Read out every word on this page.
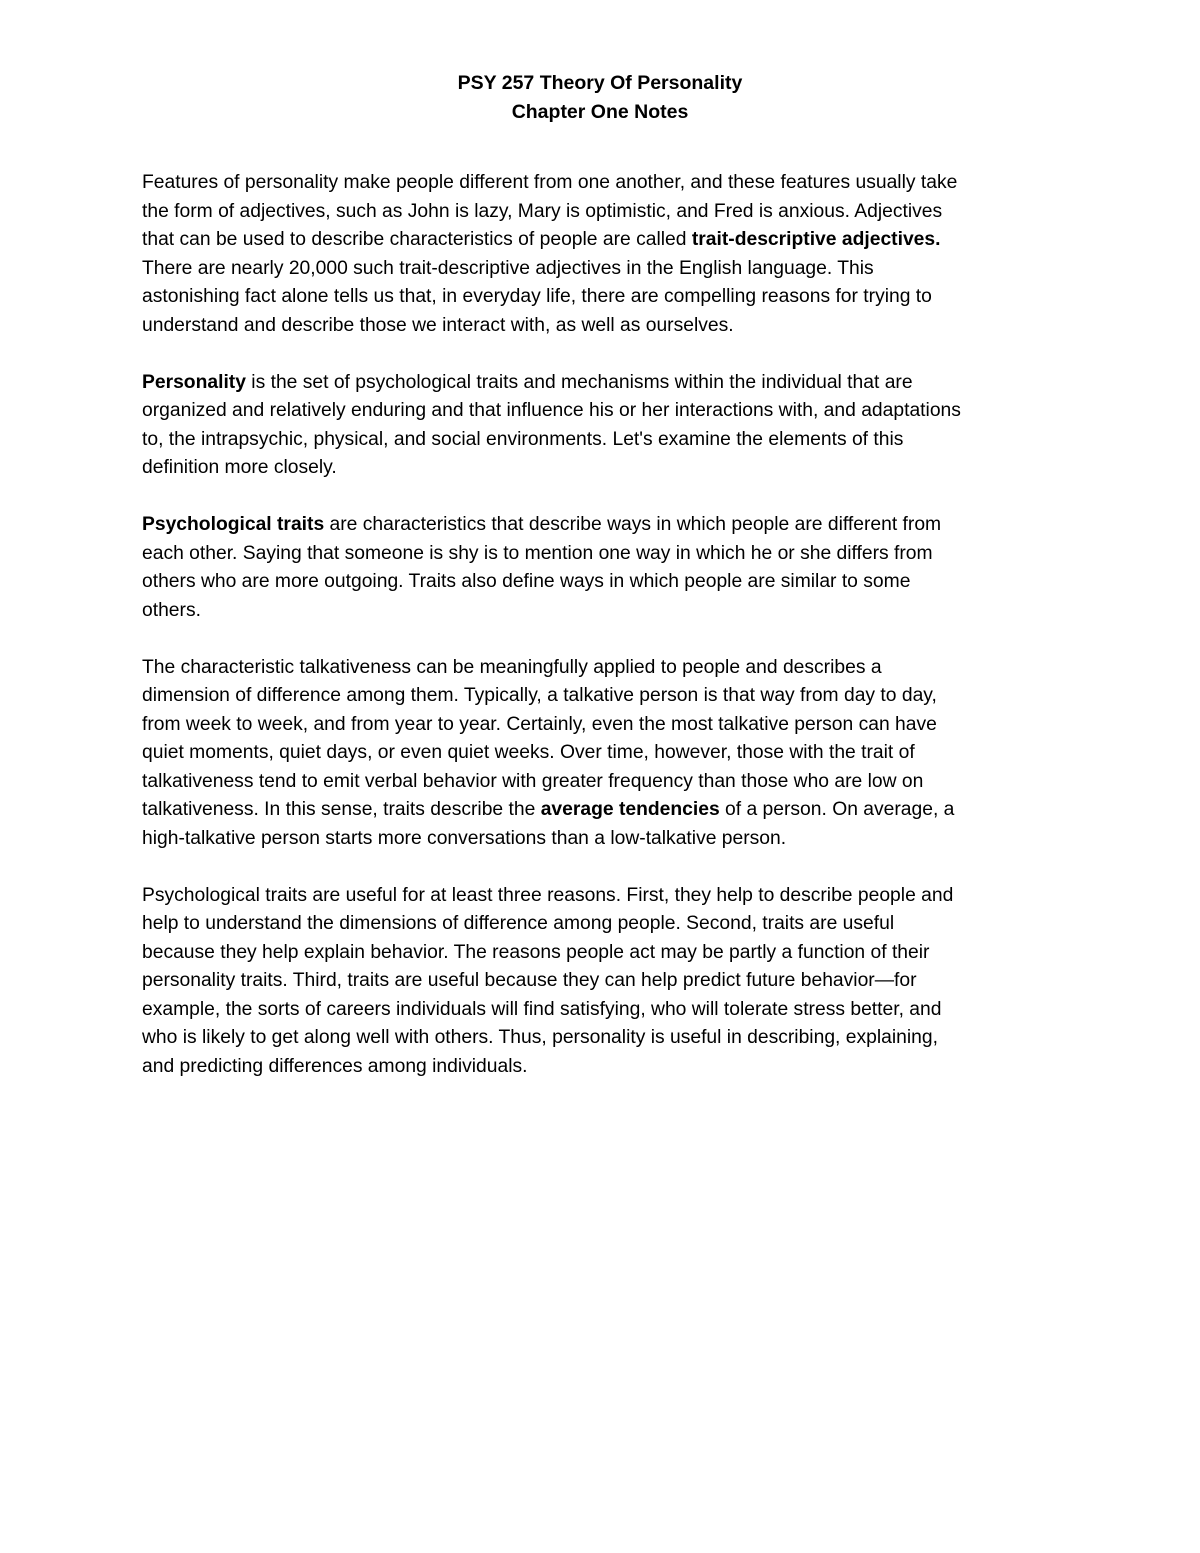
PSY 257 Theory Of Personality
Chapter One Notes

Features of personality make people different from one another, and these features usually take
the form of adjectives, such as John is lazy, Mary is optimistic, and Fred is anxious. Adjectives
that can be used to describe characteristics of people are called trait-descriptive adjectives.
There are nearly 20,000 such trait-descriptive adjectives in the English language. This
astonishing fact alone tells us that, in everyday life, there are compelling reasons for trying to
understand and describe those we interact with, as well as ourselves.

Personality is the set of psychological traits and mechanisms within the individual that are
organized and relatively enduring and that influence his or her interactions with, and adaptations
to, the intrapsychic, physical, and social environments. Let's examine the elements of this
definition more closely.

Psychological traits are characteristics that describe ways in which people are different from
each other. Saying that someone is shy is to mention one way in which he or she differs from
others who are more outgoing. Traits also define ways in which people are similar to some
others.

The characteristic talkativeness can be meaningfully applied to people and describes a
dimension of difference among them. Typically, a talkative person is that way from day to day,
from week to week, and from year to year. Certainly, even the most talkative person can have
quiet moments, quiet days, or even quiet weeks. Over time, however, those with the trait of
talkativeness tend to emit verbal behavior with greater frequency than those who are low on
talkativeness. In this sense, traits describe the average tendencies of a person. On average, a
high-talkative person starts more conversations than a low-talkative person.

Psychological traits are useful for at least three reasons. First, they help to describe people and
help to understand the dimensions of difference among people. Second, traits are useful
because they help explain behavior. The reasons people act may be partly a function of their
personality traits. Third, traits are useful because they can help predict future behavior—for
example, the sorts of careers individuals will find satisfying, who will tolerate stress better, and
who is likely to get along well with others. Thus, personality is useful in describing, explaining,
and predicting differences among individuals.
